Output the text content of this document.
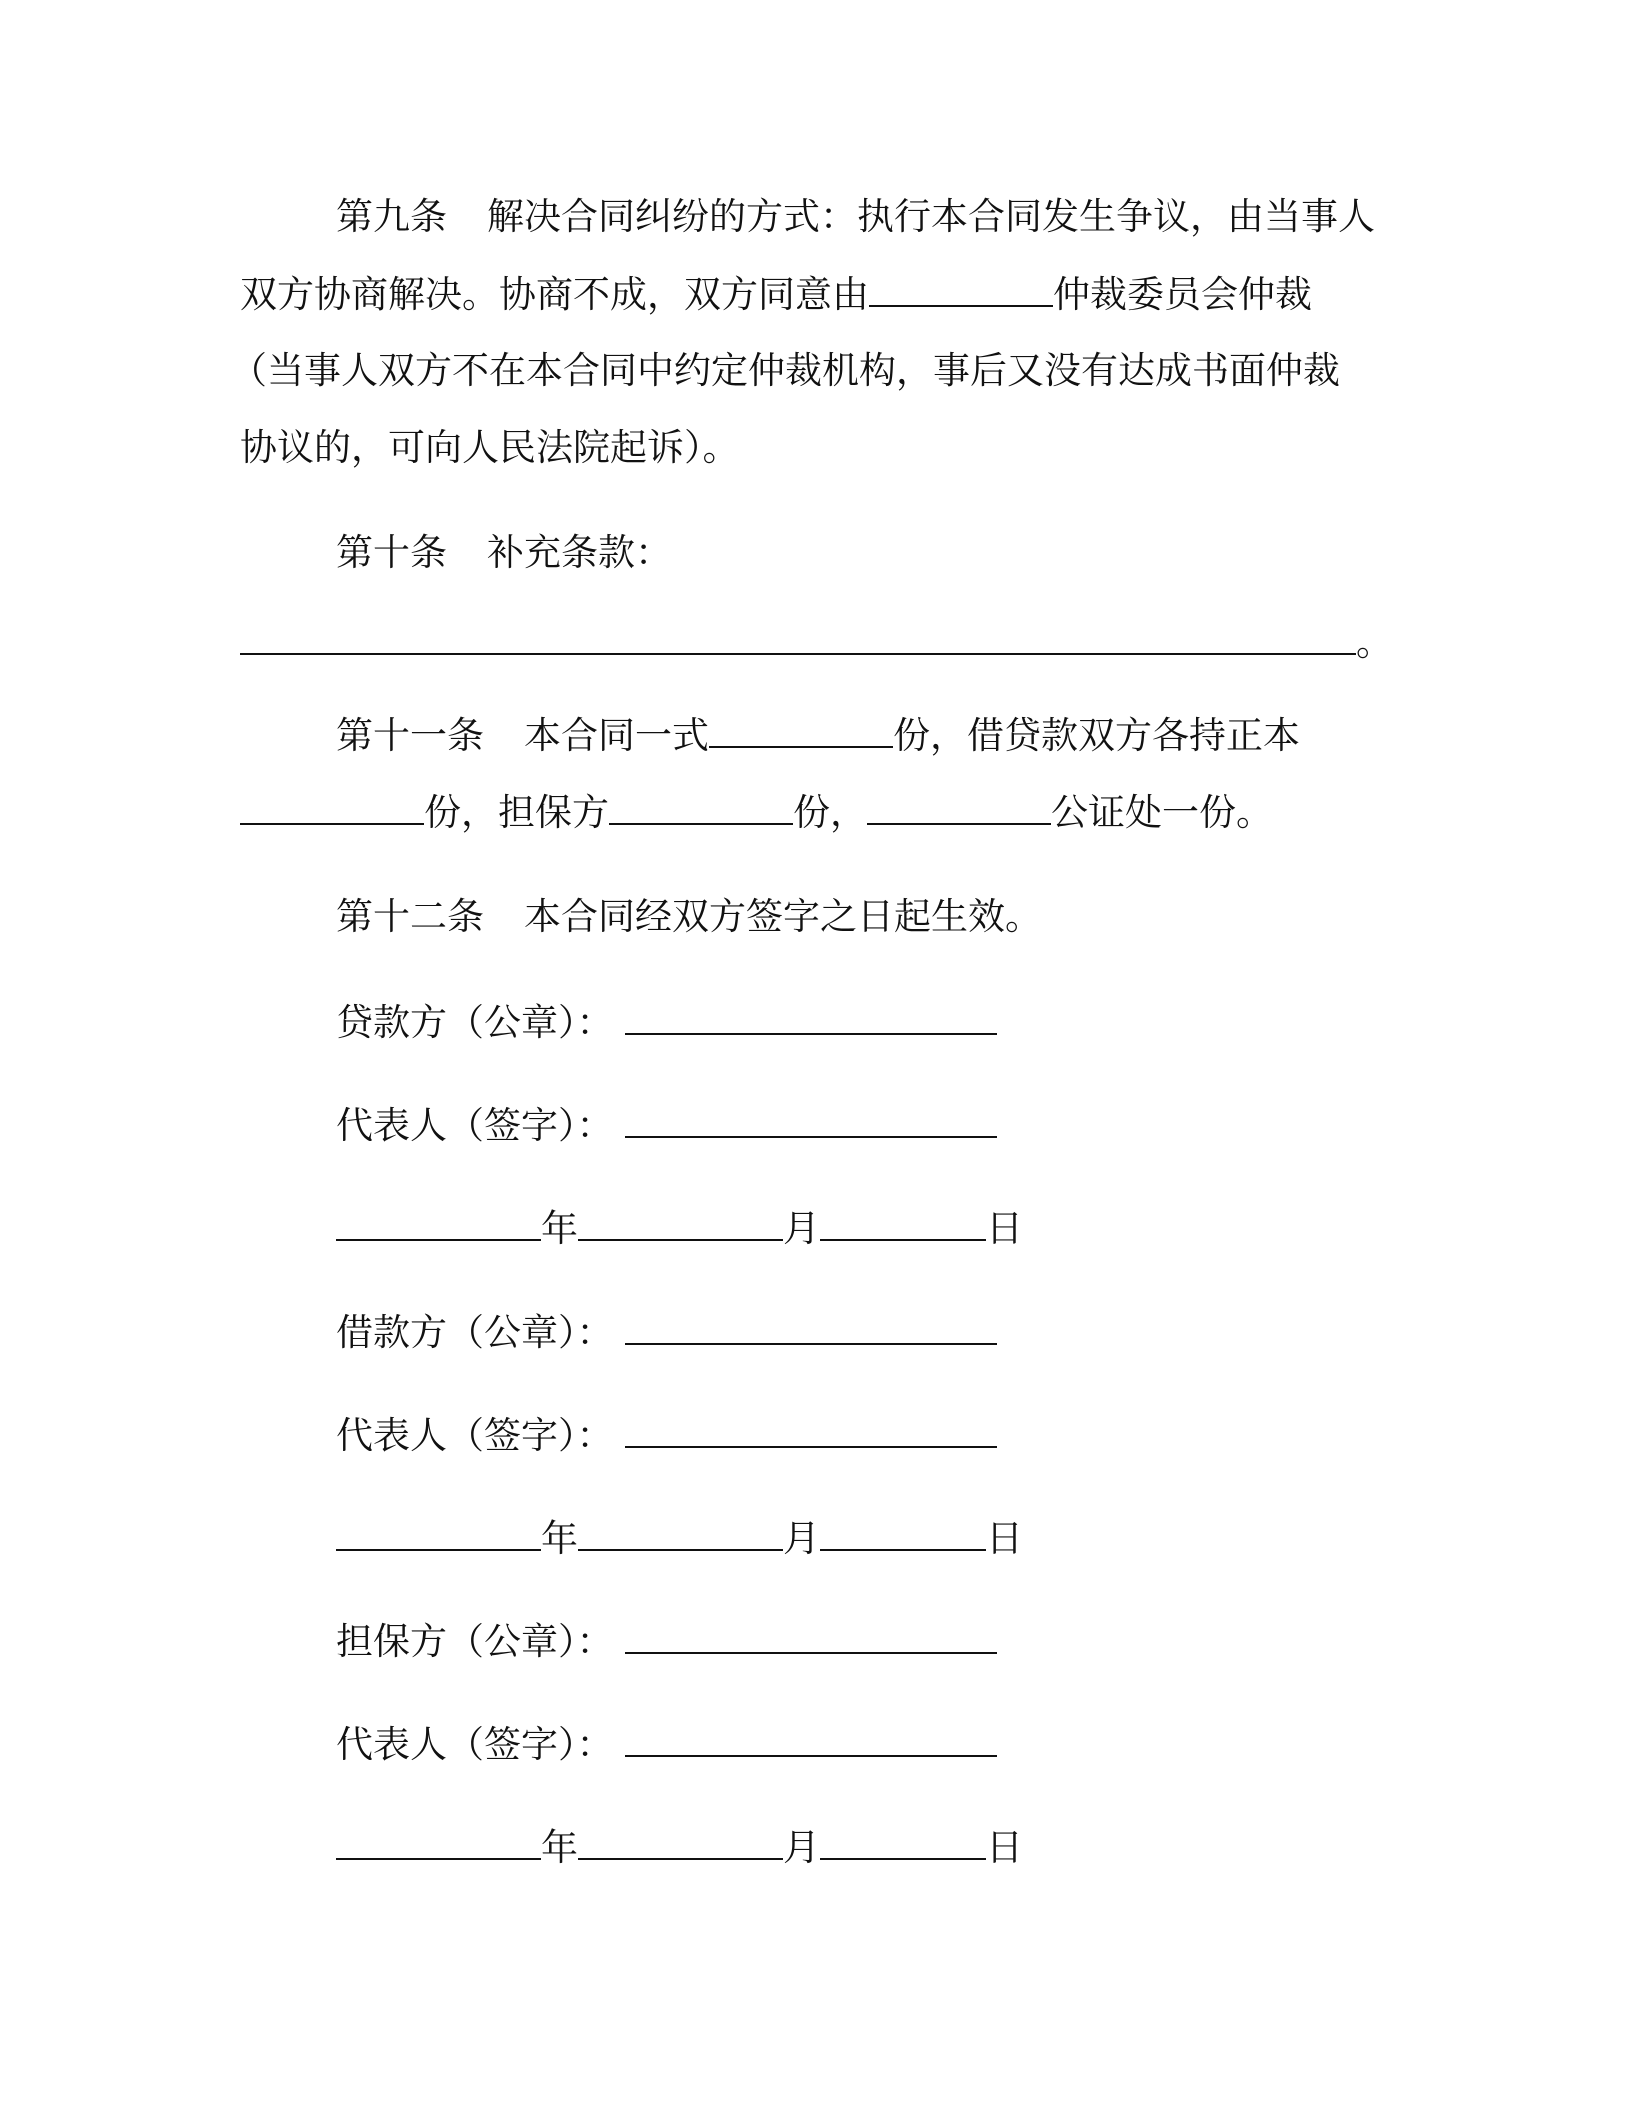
第九条 解决合同纠纷的方式：执行本合同发生争议，由当事人
双方协商解决。协商不成，双方同意由	仲裁委员会仲裁
（当事人双方不在本合同中约定仲裁机构，事后又没有达成书面仲裁
协议的，可向人民法院起诉）。
第十条 补充条款：
。
第十一条 本合同一式	份，借贷款双方各持正本
份，担保方	份，	公证处一份。
第十二条 本合同经双方签字之日起生效。
贷款方（公章）：
代表人（签字）：
年	月	日
借款方（公章）：
代表人（签字）：
年	月	日
担保方（公章）：
代表人（签字）：
年	月	日
